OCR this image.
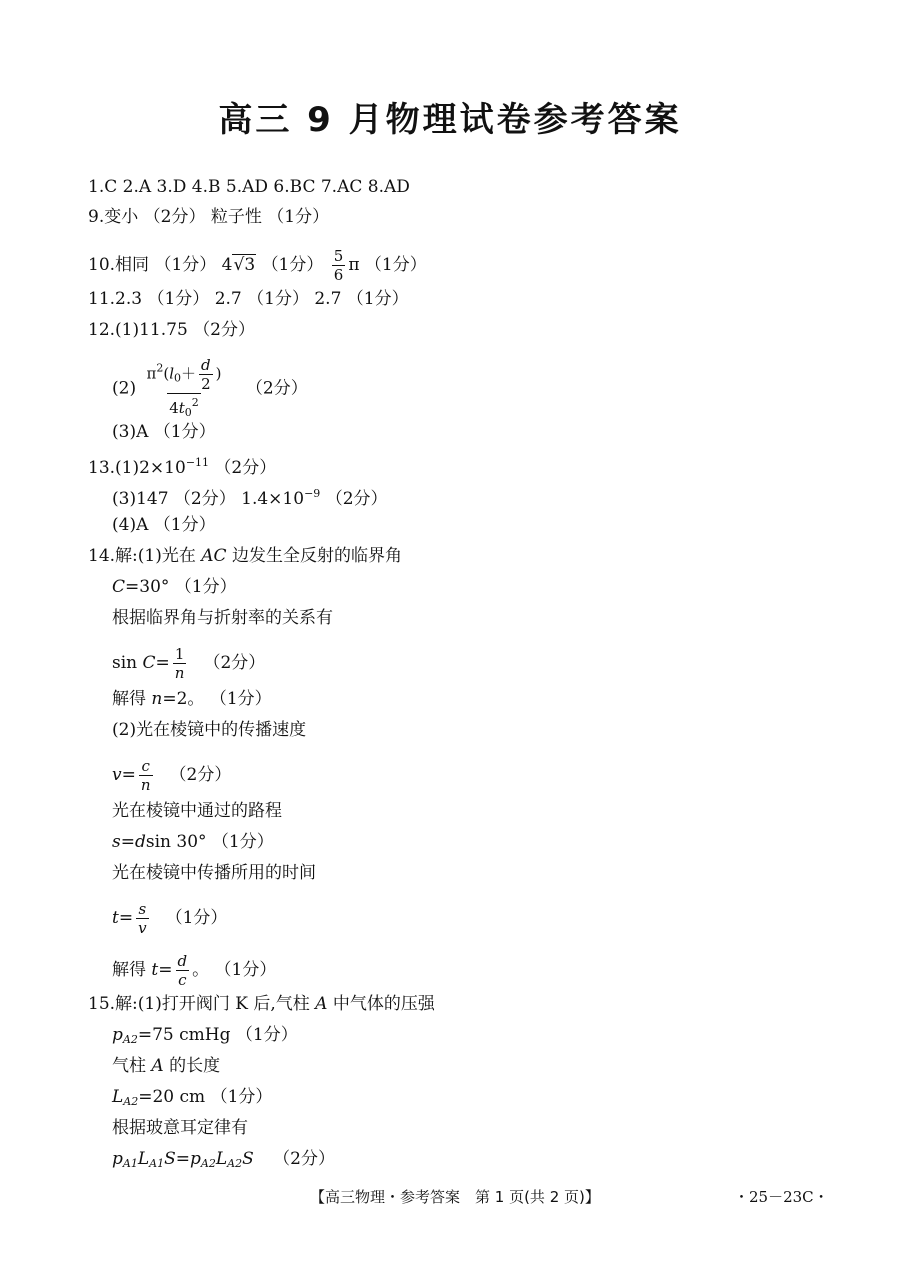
高三 9 月物理试卷参考答案
1.C 2.A 3.D 4.B 5.AD 6.BC 7.AC 8.AD
9.变小 （2分） 粒子性 （1分）
10.相同 （1分） 4√3 （1分） $\frac{5}{6}$ π （1分）
11.2.3 （1分） 2.7 （1分） 2.7 （1分）
12.(1)11.75 （2分）
$(2) \frac{\pi^2(l_0+ \frac{d}{2} )}{4t_0^2} (2$分）
(3)A （1分）
$13.(1)2\times 10^{-11}$ （2分）
(3)147 （2分） $1.4\times 10^{-9}$ （2分）
(4)A （1分）
14.解:(1)光在 AC 边发生全反射的临界角
C=30° （1分）
根据临界角与折射率的关系有
$\sin C= \frac{1}{n} (2$分）
解得 n=2。 （1分）
(2)光在棱镜中的传播速度
$v= \frac{c}{n} (2$分）
光在棱镜中通过的路程
s=dsin 30° （1分）
光在棱镜中传播所用的时间
$t= \frac{s}{v} (1$分）
解得 $t= \frac{d}{c}$ 。 （1分）
15.解:(1)打开阀门 K 后,气柱 A 中气体的压强
$p_{A2}=75$ cmHg （1分）
气柱 A 的长度
$L_{A2}=20$ cm （1分）
根据玻意耳定律有
$p_{A1}L_{A1}S=p_{A2}L_{A2}S$ （2分）
【高三物理・参考答案　第 1 页(共 2 页)】	・25－23C・
